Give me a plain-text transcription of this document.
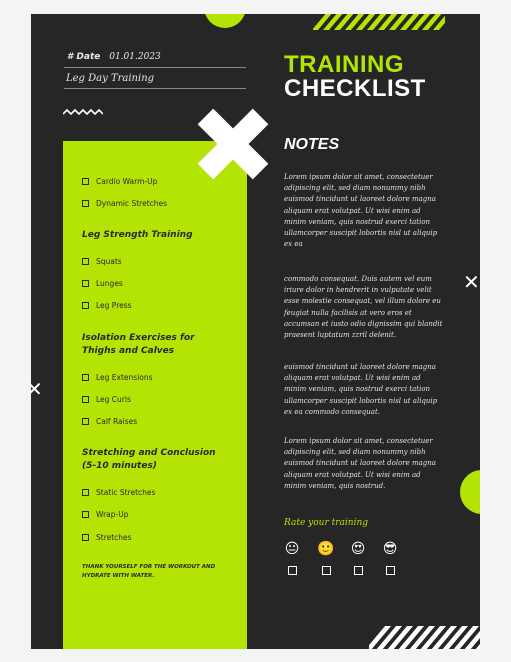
# Date 01.01.2023
Leg Day Training
TRAINING
CHECKLIST
Cardio Warm-Up
Dynamic Stretches
Leg Strength Training
Squats
Lunges
Leg Press
Isolation Exercises for Thighs and Calves
Leg Extensions
Leg Curls
Calf Raises
Stretching and Conclusion (5-10 minutes)
Static Stretches
Wrap-Up
Stretches
THANK YOURSELF FOR THE WORKOUT AND HYDRATE WITH WATER.
NOTES
Lorem ipsum dolor sit amet, consectetuer adipiscing elit, sed diam nonummy nibh euismod tincidunt ut laoreet dolore magna aliquam erat volutpat. Ut wisi enim ad minim veniam, quis nostrud exerci tation ullamcorper suscipit lobortis nisl ut aliquip ex ea
commodo consequat. Duis autem vel eum iriure dolor in hendrerit in vulputate velit esse molestie consequat, vel illum dolore eu feugiat nulla facilisis at vero eros et accumsan et iusto odio dignissim qui blandit praesent luptatum zzril delenit.
euismod tincidunt ut laoreet dolore magna aliquam erat volutpat. Ut wisi enim ad minim veniam, quis nostrud exerci tation ullamcorper suscipit lobortis nisl ut aliquip ex ea commodo consequat.
Lorem ipsum dolor sit amet, consectetuer adipiscing elit, sed diam nonummy nibh euismod tincidunt ut laoreet dolore magna aliquam erat volutpat. Ut wisi enim ad minim veniam, quis nostrud.
Rate your training
😐 🙂 😍 😎
✕
✕
